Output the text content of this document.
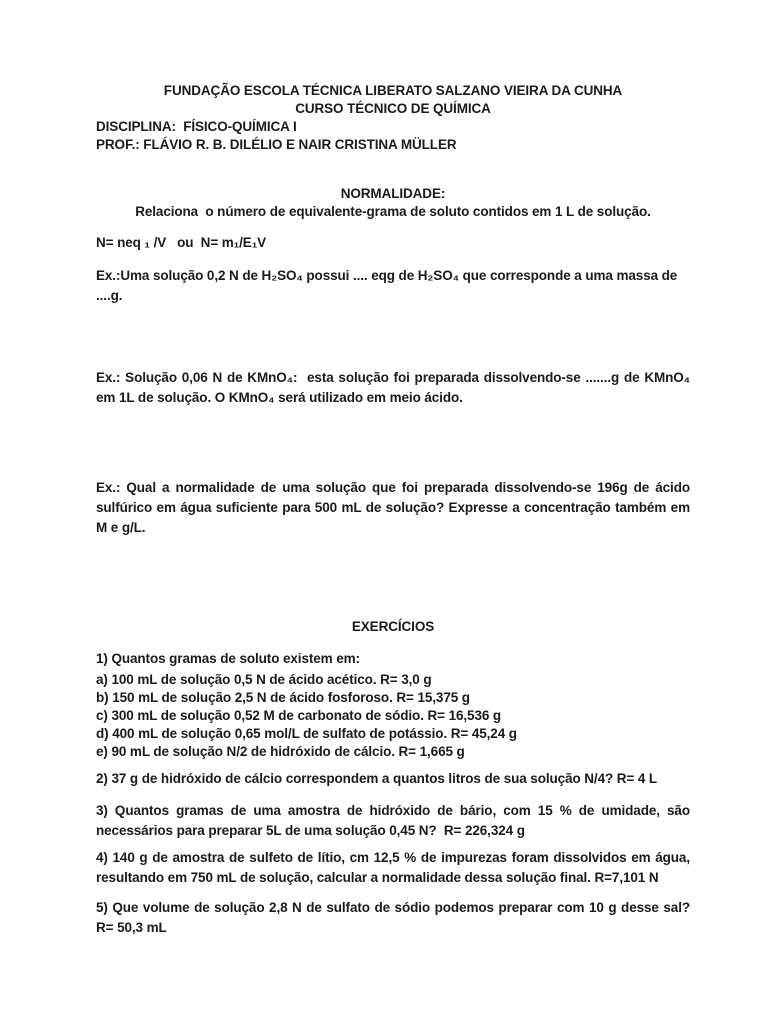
FUNDAÇÃO ESCOLA TÉCNICA LIBERATO SALZANO VIEIRA DA CUNHA
CURSO TÉCNICO DE QUÍMICA
DISCIPLINA:  FÍSICO-QUÍMICA I
PROF.: FLÁVIO R. B. DILÉLIO E NAIR CRISTINA MÜLLER
NORMALIDADE:
Relaciona  o número de equivalente-grama de soluto contidos em 1 L de solução.
N= neq ₁ /V   ou  N= m₁/E₁V

Ex.:Uma solução 0,2 N de H₂SO₄ possui .... eqg de H₂SO₄ que corresponde a uma massa de  ....g.

Ex.: Solução 0,06 N de KMnO₄:  esta solução foi preparada dissolvendo-se .......g de KMnO₄ em 1L de solução. O KMnO₄ será utilizado em meio ácido.

Ex.: Qual a normalidade de uma solução que foi preparada dissolvendo-se 196g de ácido sulfúrico em água suficiente para 500 mL de solução? Expresse a concentração também em M e g/L.

EXERCÍCIOS
1) Quantos gramas de soluto existem em:
a) 100 mL de solução 0,5 N de ácido acético. R= 3,0 g
b) 150 mL de solução 2,5 N de ácido fosforoso. R= 15,375 g
c) 300 mL de solução 0,52 M de carbonato de sódio. R= 16,536 g
d) 400 mL de solução 0,65 mol/L de sulfato de potássio. R= 45,24 g
e) 90 mL de solução N/2 de hidróxido de cálcio. R= 1,665 g

2) 37 g de hidróxido de cálcio correspondem a quantos litros de sua solução N/4? R= 4 L

3) Quantos gramas de uma amostra de hidróxido de bário, com 15 % de umidade, são necessários para preparar 5L de uma solução 0,45 N?  R= 226,324 g

4) 140 g de amostra de sulfeto de lítio, cm 12,5 % de impurezas foram dissolvidos em água, resultando em 750 mL de solução, calcular a normalidade dessa solução final. R=7,101 N

5) Que volume de solução 2,8 N de sulfato de sódio podemos preparar com 10 g desse sal? R= 50,3 mL
